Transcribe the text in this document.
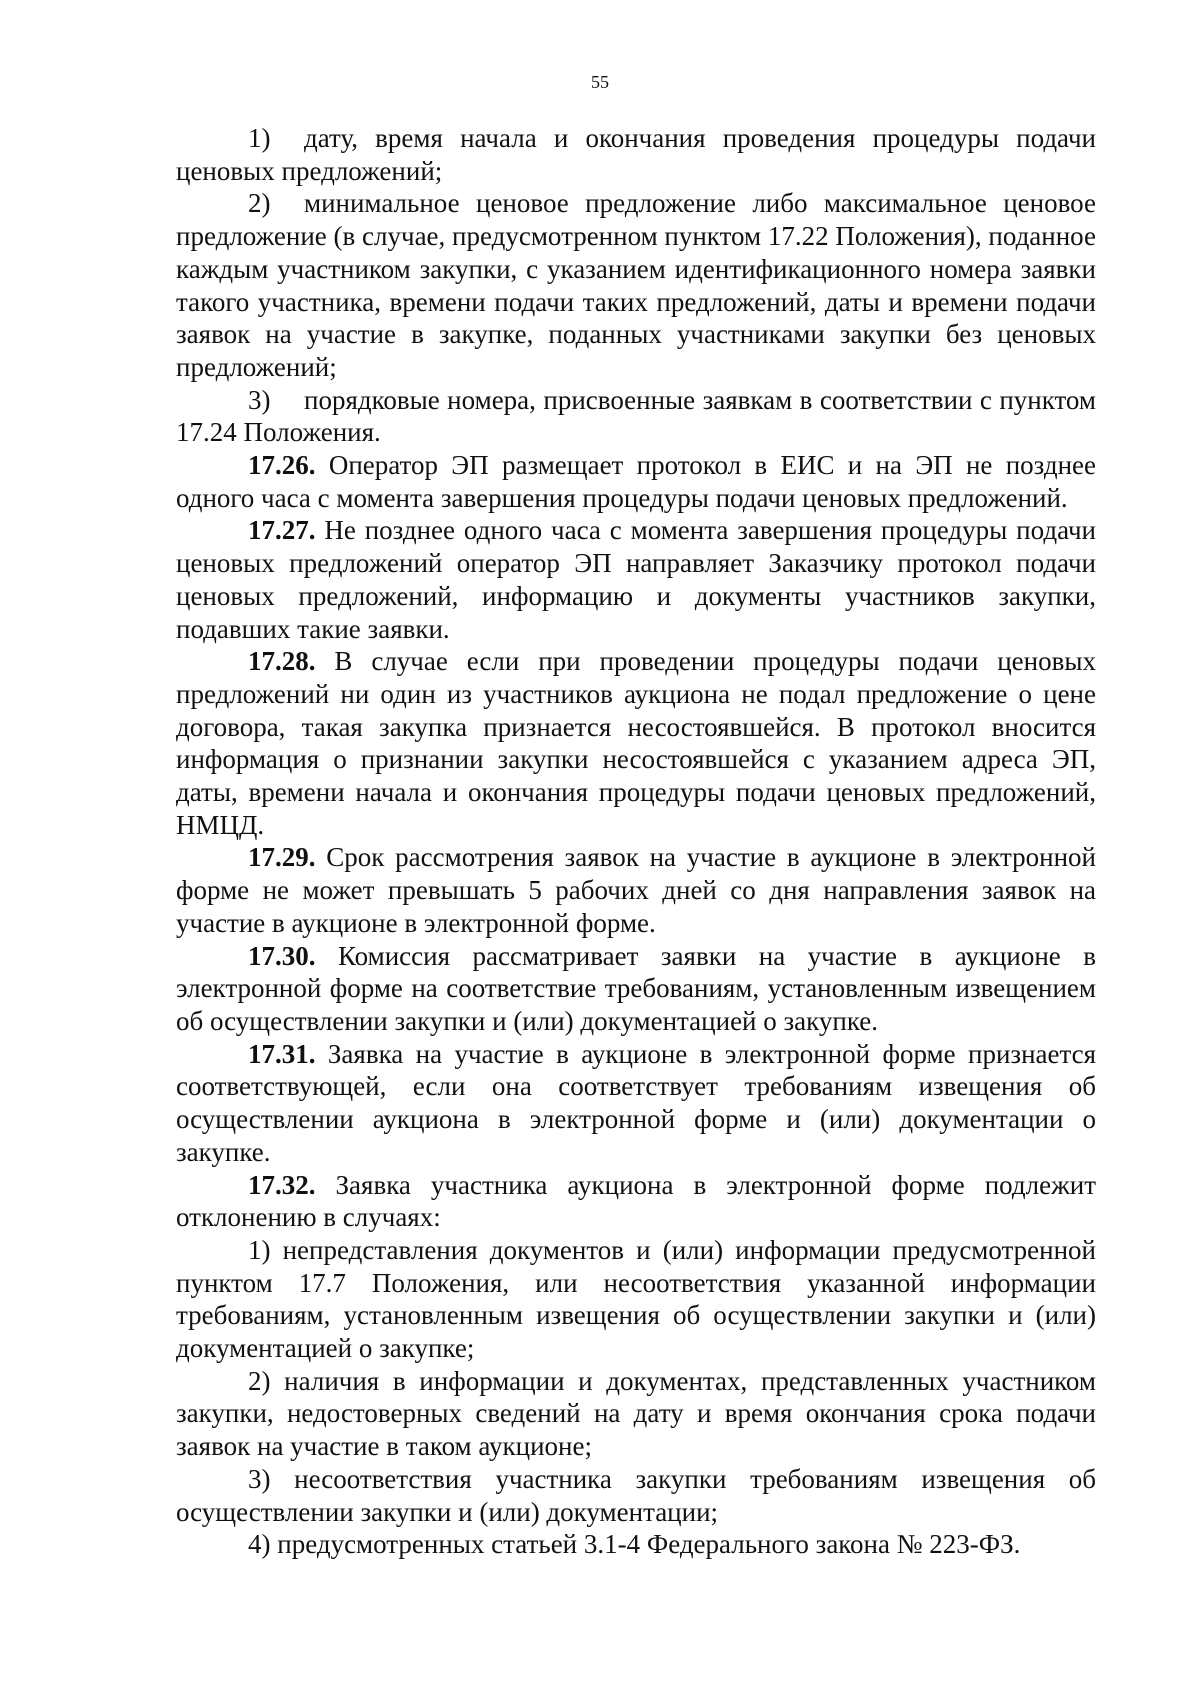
55

1) дату, время начала и окончания проведения процедуры подачи ценовых предложений;

2) минимальное ценовое предложение либо максимальное ценовое предложение (в случае, предусмотренном пунктом 17.22 Положения), поданное каждым участником закупки, с указанием идентификационного номера заявки такого участника, времени подачи таких предложений, даты и времени подачи заявок на участие в закупке, поданных участниками закупки без ценовых предложений;

3) порядковые номера, присвоенные заявкам в соответствии с пунктом 17.24 Положения.

17.26. Оператор ЭП размещает протокол в ЕИС и на ЭП не позднее одного часа с момента завершения процедуры подачи ценовых предложений.

17.27. Не позднее одного часа с момента завершения процедуры подачи ценовых предложений оператор ЭП направляет Заказчику протокол подачи ценовых предложений, информацию и документы участников закупки, подавших такие заявки.

17.28. В случае если при проведении процедуры подачи ценовых предложений ни один из участников аукциона не подал предложение о цене договора, такая закупка признается несостоявшейся. В протокол вносится информация о признании закупки несостоявшейся с указанием адреса ЭП, даты, времени начала и окончания процедуры подачи ценовых предложений, НМЦД.

17.29. Срок рассмотрения заявок на участие в аукционе в электронной форме не может превышать 5 рабочих дней со дня направления заявок на участие в аукционе в электронной форме.

17.30. Комиссия рассматривает заявки на участие в аукционе в электронной форме на соответствие требованиям, установленным извещением об осуществлении закупки и (или) документацией о закупке.

17.31. Заявка на участие в аукционе в электронной форме признается соответствующей, если она соответствует требованиям извещения об осуществлении аукциона в электронной форме и (или) документации о закупке.

17.32. Заявка участника аукциона в электронной форме подлежит отклонению в случаях:

1) непредставления документов и (или) информации предусмотренной пунктом 17.7 Положения, или несоответствия указанной информации требованиям, установленным извещения об осуществлении закупки и (или) документацией о закупке;

2) наличия в информации и документах, представленных участником закупки, недостоверных сведений на дату и время окончания срока подачи заявок на участие в таком аукционе;

3) несоответствия участника закупки требованиям извещения об осуществлении закупки и (или) документации;

4) предусмотренных статьей 3.1-4 Федерального закона № 223-ФЗ.
